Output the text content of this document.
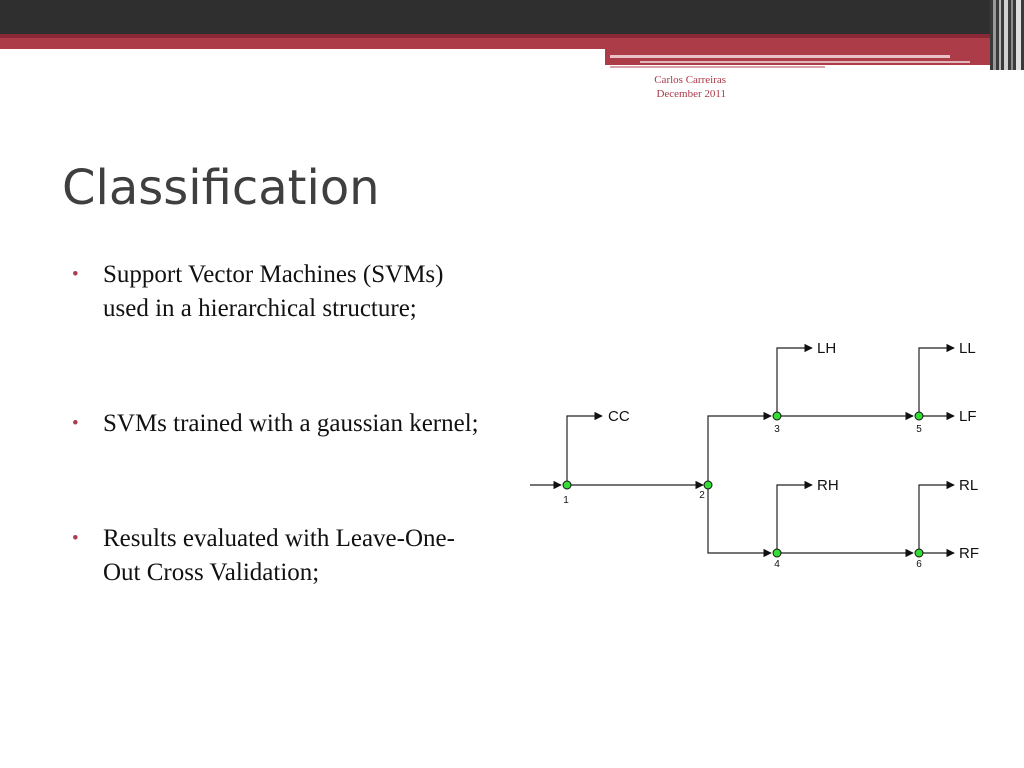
Carlos Carreiras
December 2011
Classification
• Support Vector Machines (SVMs) used in a hierarchical structure;
• SVMs trained with a gaussian kernel;
• Results evaluated with Leave-One-Out Cross Validation;
1	2
3
4
5
6
CC
LH	LL
LF
RH	RL
RF
